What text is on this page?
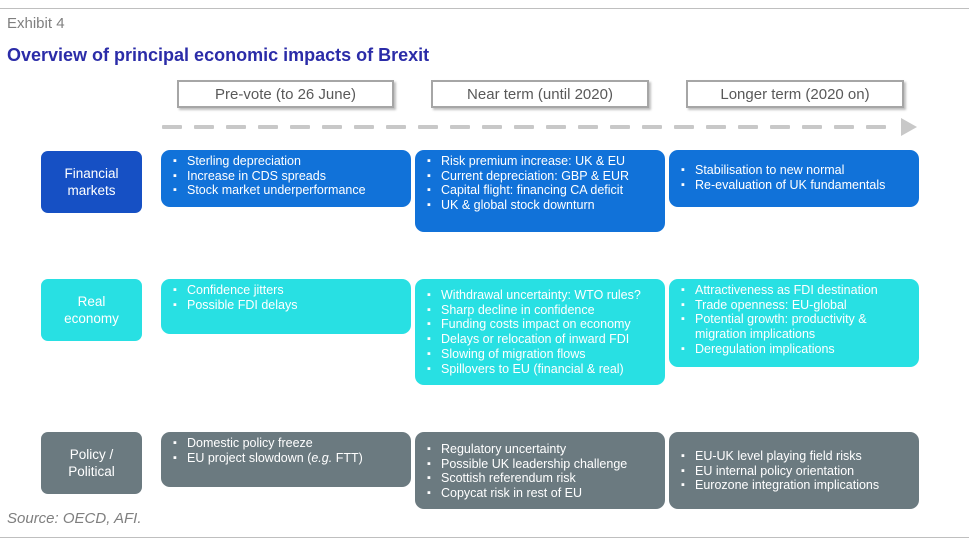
Exhibit 4
Overview of principal economic impacts of Brexit
Pre-vote (to 26 June)	Near term (until 2020)	Longer term (2020 on)
Financial markets
▪ Sterling depreciation
▪ Increase in CDS spreads
▪ Stock market underperformance
▪ Risk premium increase: UK & EU
▪ Current depreciation: GBP & EUR
▪ Capital flight: financing CA deficit
▪ UK & global stock downturn
▪ Stabilisation to new normal
▪ Re-evaluation of UK fundamentals
Real economy
▪ Confidence jitters
▪ Possible FDI delays
▪ Withdrawal uncertainty: WTO rules?
▪ Sharp decline in confidence
▪ Funding costs impact on economy
▪ Delays or relocation of inward FDI
▪ Slowing of migration flows
▪ Spillovers to EU (financial & real)
▪ Attractiveness as FDI destination
▪ Trade openness: EU-global
▪ Potential growth: productivity & migration implications
▪ Deregulation implications
Policy / Political
▪ Domestic policy freeze
▪ EU project slowdown (e.g. FTT)
▪ Regulatory uncertainty
▪ Possible UK leadership challenge
▪ Scottish referendum risk
▪ Copycat risk in rest of EU
▪ EU-UK level playing field risks
▪ EU internal policy orientation
▪ Eurozone integration implications
Source: OECD, AFI.
